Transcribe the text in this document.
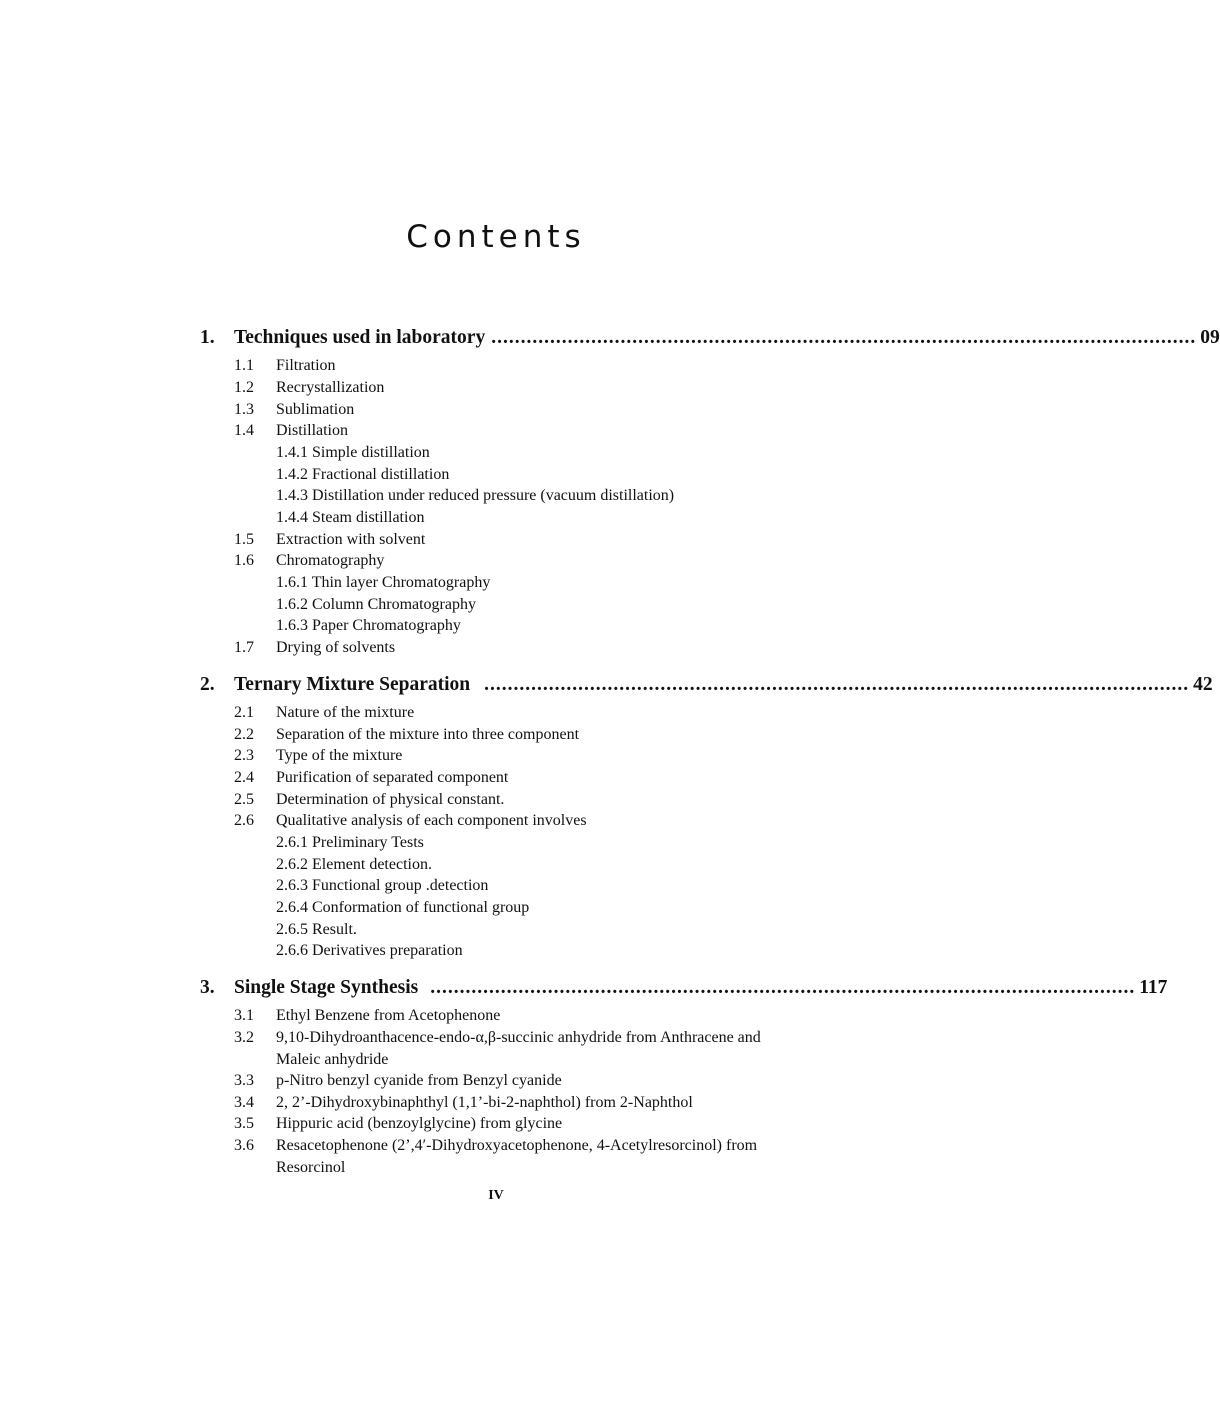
Contents
1. Techniques used in laboratory ........................................................................................................................ 09
1.1 Filtration
1.2 Recrystallization
1.3 Sublimation
1.4 Distillation
1.4.1 Simple distillation
1.4.2 Fractional distillation
1.4.3 Distillation under reduced pressure (vacuum distillation)
1.4.4 Steam distillation
1.5 Extraction with solvent
1.6 Chromatography
1.6.1 Thin layer Chromatography
1.6.2 Column Chromatography
1.6.3 Paper Chromatography
1.7 Drying of solvents
2. Ternary Mixture Separation ........................................................................................................................ 42
2.1 Nature of the mixture
2.2 Separation of the mixture into three component
2.3 Type of the mixture
2.4 Purification of separated component
2.5 Determination of physical constant.
2.6 Qualitative analysis of each component involves
2.6.1 Preliminary Tests
2.6.2 Element detection.
2.6.3 Functional group .detection
2.6.4 Conformation of functional group
2.6.5 Result.
2.6.6 Derivatives preparation
3. Single Stage Synthesis ........................................................................................................................ 117
3.1 Ethyl Benzene from Acetophenone
3.2 9,10-Dihydroanthacence-endo-α,β-succinic anhydride from Anthracene and Maleic anhydride
3.3 p-Nitro benzyl cyanide from Benzyl cyanide
3.4 2, 2’-Dihydroxybinaphthyl (1,1’-bi-2-naphthol) from 2-Naphthol
3.5 Hippuric acid (benzoylglycine) from glycine
3.6 Resacetophenone (2’,4′-Dihydroxyacetophenone, 4-Acetylresorcinol) from Resorcinol
IV
